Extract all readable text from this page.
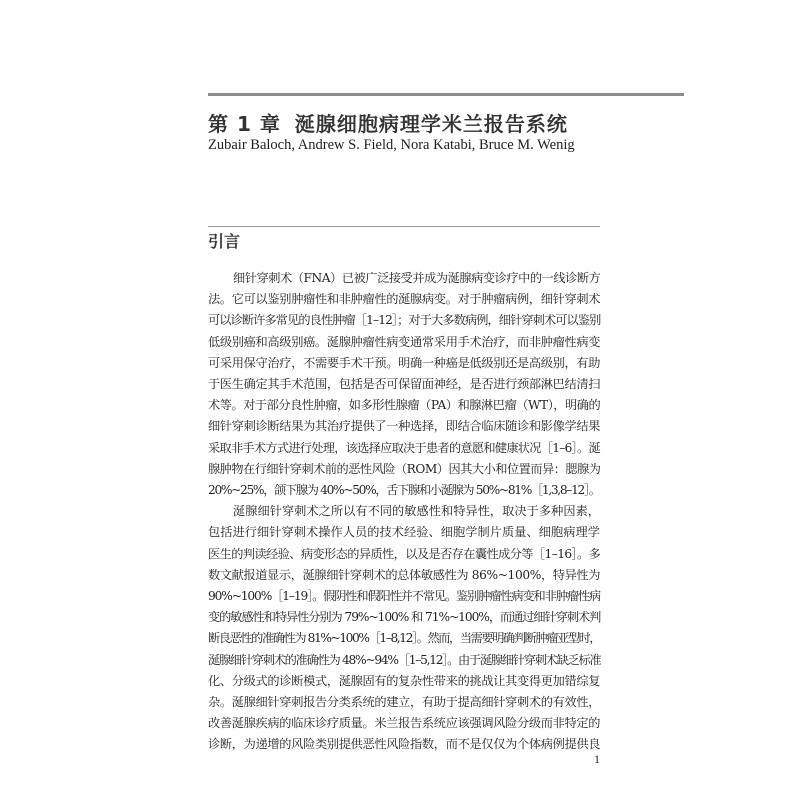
第 1 章 涎腺细胞病理学米兰报告系统
Zubair Baloch, Andrew S. Field, Nora Katabi, Bruce M. Wenig
引言

细针穿刺术（FNA）已被广泛接受并成为涎腺病变诊疗中的一线诊断方
法。它可以鉴别肿瘤性和非肿瘤性的涎腺病变。对于肿瘤病例，细针穿刺术
可以诊断许多常见的良性肿瘤［1–12］；对于大多数病例，细针穿刺术可以鉴别
低级别癌和高级别癌。涎腺肿瘤性病变通常采用手术治疗，而非肿瘤性病变
可采用保守治疗，不需要手术干预。明确一种癌是低级别还是高级别，有助
于医生确定其手术范围，包括是否可保留面神经，是否进行颈部淋巴结清扫
术等。对于部分良性肿瘤，如多形性腺瘤（PA）和腺淋巴瘤（WT），明确的
细针穿刺诊断结果为其治疗提供了一种选择，即结合临床随诊和影像学结果
采取非手术方式进行处理，该选择应取决于患者的意愿和健康状况［1–6］。涎
腺肿物在行细针穿刺术前的恶性风险（ROM）因其大小和位置而异：腮腺为
20%~25%，颌下腺为 40%~50%，舌下腺和小涎腺为 50%~81%［1,3,8–12］。

涎腺细针穿刺术之所以有不同的敏感性和特异性，取决于多种因素，
包括进行细针穿刺术操作人员的技术经验、细胞学制片质量、细胞病理学
医生的判读经验、病变形态的异质性，以及是否存在囊性成分等［1–16］。多
数文献报道显示，涎腺细针穿刺术的总体敏感性为 86%~100%，特异性为
90%~100%［1–19］。假阴性和假阳性并不常见。鉴别肿瘤性病变和非肿瘤性病
变的敏感性和特异性分别为 79%~100% 和 71%~100%，而通过细针穿刺术判
断良恶性的准确性为 81%~100%［1–8,12］。然而，当需要明确判断肿瘤亚型时，
涎腺细针穿刺术的准确性为 48%~94%［1–5,12］。由于涎腺细针穿刺术缺乏标准
化、分级式的诊断模式，涎腺固有的复杂性带来的挑战让其变得更加错综复
杂。涎腺细针穿刺报告分类系统的建立，有助于提高细针穿刺术的有效性，
改善涎腺疾病的临床诊疗质量。米兰报告系统应该强调风险分级而非特定的
诊断，为递增的风险类别提供恶性风险指数，而不是仅仅为个体病例提供良

1
